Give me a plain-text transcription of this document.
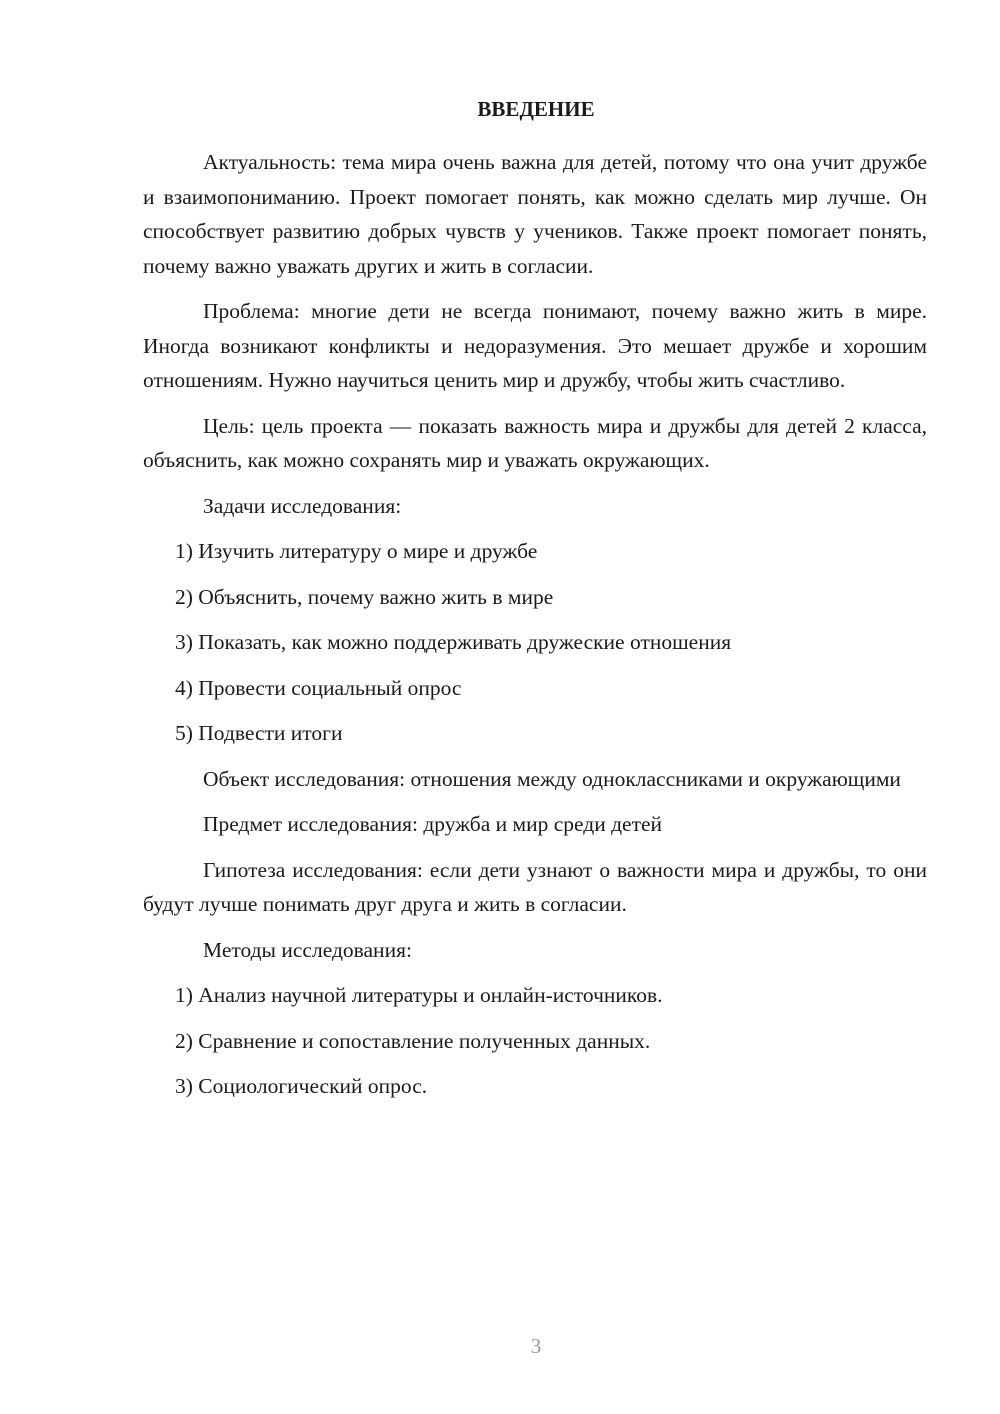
ВВЕДЕНИЕ

Актуальность: тема мира очень важна для детей, потому что она учит дружбе и взаимопониманию. Проект помогает понять, как можно сделать мир лучше. Он способствует развитию добрых чувств у учеников. Также проект помогает понять, почему важно уважать других и жить в согласии.

Проблема: многие дети не всегда понимают, почему важно жить в мире. Иногда возникают конфликты и недоразумения. Это мешает дружбе и хорошим отношениям. Нужно научиться ценить мир и дружбу, чтобы жить счастливо.

Цель: цель проекта — показать важность мира и дружбы для детей 2 класса, объяснить, как можно сохранять мир и уважать окружающих.

Задачи исследования:

1) Изучить литературу о мире и дружбе
2) Объяснить, почему важно жить в мире
3) Показать, как можно поддерживать дружеские отношения
4) Провести социальный опрос
5) Подвести итоги

Объект исследования: отношения между одноклассниками и окружающими

Предмет исследования: дружба и мир среди детей

Гипотеза исследования: если дети узнают о важности мира и дружбы, то они будут лучше понимать друг друга и жить в согласии.

Методы исследования:

1) Анализ научной литературы и онлайн-источников.
2) Сравнение и сопоставление полученных данных.
3) Социологический опрос.
3
